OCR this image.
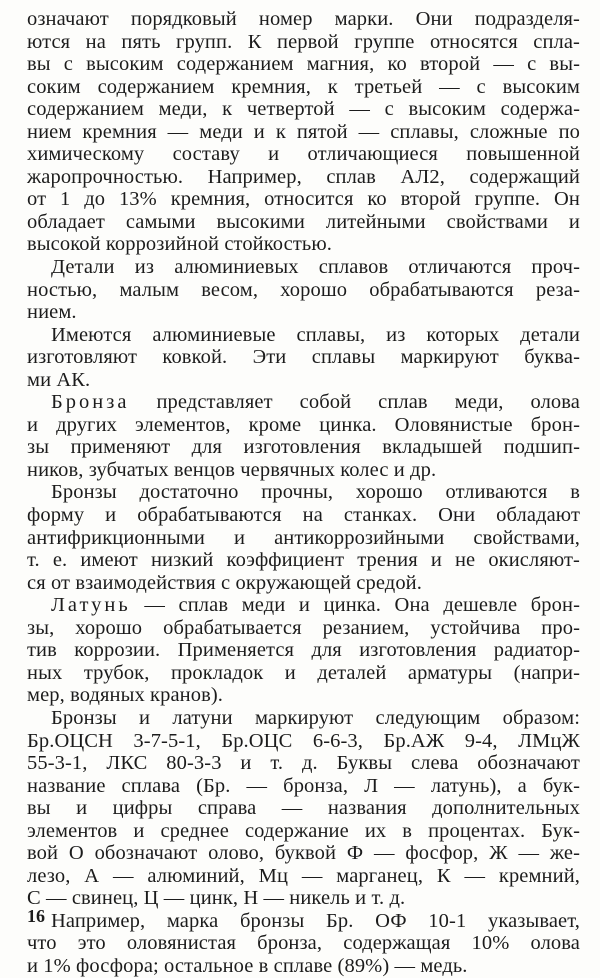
означают порядковый номер марки. Они подразделя-
ются на пять групп. К первой группе относятся спла-
вы с высоким содержанием магния, ко второй — с вы-
соким содержанием кремния, к третьей — с высоким
содержанием меди, к четвертой — с высоким содержа-
нием кремния — меди и к пятой — сплавы, сложные по
химическому составу и отличающиеся повышенной
жаропрочностью. Например, сплав АЛ2, содержащий
от 1 до 13% кремния, относится ко второй группе. Он
обладает самыми высокими литейными свойствами и
высокой коррозийной стойкостью.
Детали из алюминиевых сплавов отличаются проч-
ностью, малым весом, хорошо обрабатываются реза-
нием.
Имеются алюминиевые сплавы, из которых детали
изготовляют ковкой. Эти сплавы маркируют буква-
ми АК.
Бронза представляет собой сплав меди, олова
и других элементов, кроме цинка. Оловянистые брон-
зы применяют для изготовления вкладышей подшип-
ников, зубчатых венцов червячных колес и др.
Бронзы достаточно прочны, хорошо отливаются в
форму и обрабатываются на станках. Они обладают
антифрикционными и антикоррозийными свойствами,
т. е. имеют низкий коэффициент трения и не окисляют-
ся от взаимодействия с окружающей средой.
Латунь — сплав меди и цинка. Она дешевле брон-
зы, хорошо обрабатывается резанием, устойчива про-
тив коррозии. Применяется для изготовления радиатор-
ных трубок, прокладок и деталей арматуры (напри-
мер, водяных кранов).
Бронзы и латуни маркируют следующим образом:
Бр.ОЦСН 3-7-5-1, Бр.ОЦС 6-6-3, Бр.АЖ 9-4, ЛМцЖ
55-3-1, ЛКС 80-3-3 и т. д. Буквы слева обозначают
название сплава (Бр. — бронза, Л — латунь), а бук-
вы и цифры справа — названия дополнительных
элементов и среднее содержание их в процентах. Бук-
вой О обозначают олово, буквой Ф — фосфор, Ж — же-
лезо, А — алюминий, Мц — марганец, К — кремний,
С — свинец, Ц — цинк, Н — никель и т. д.
Например, марка бронзы Бр. ОФ 10-1 указывает,
что это оловянистая бронза, содержащая 10% олова
и 1% фосфора; остальное в сплаве (89%) — медь.
16
